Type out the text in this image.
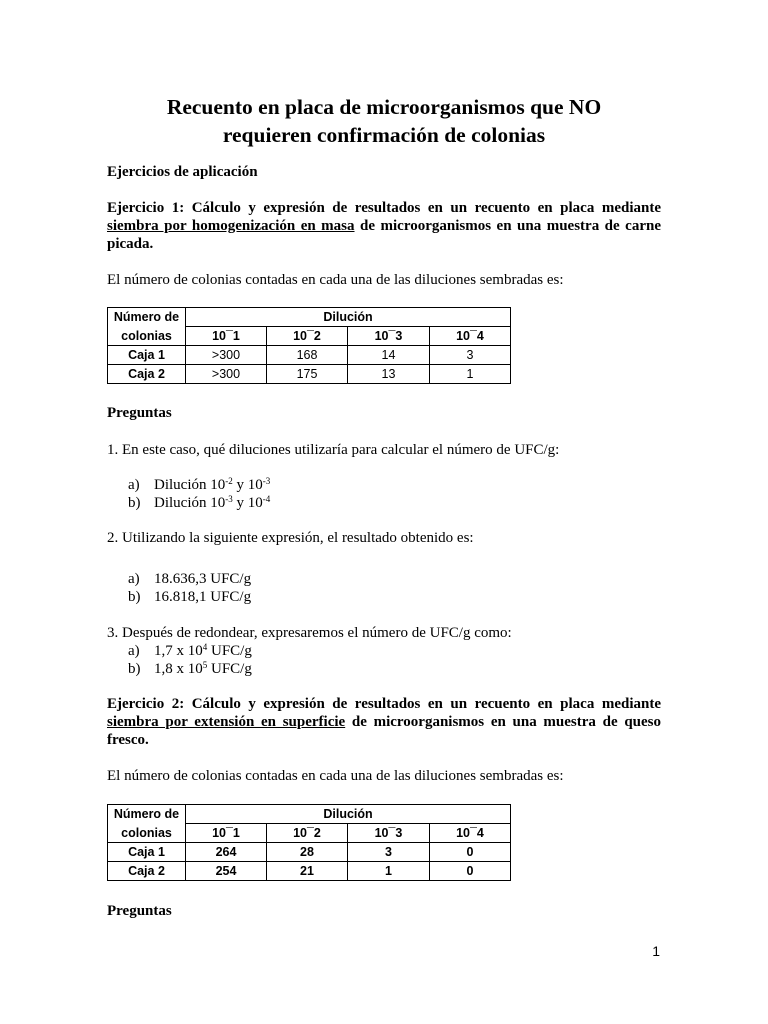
Recuento en placa de microorganismos que NO
requieren confirmación de colonias
Ejercicios de aplicación
Ejercicio 1: Cálculo y expresión de resultados en un recuento en placa mediante siembra por homogenización en masa de microorganismos en una muestra de carne picada.
El número de colonias contadas en cada una de las diluciones sembradas es:
Número de	Dilución			
colonias	10¯1	10¯2	10¯3	10¯4
Caja 1	>300	168	14	3
Caja 2	>300	175	13	1
Preguntas
1. En este caso, qué diluciones utilizaría para calcular el número de UFC/g:
a) Dilución $10^{-2}$ y $10^{-3}$
b) Dilución $10^{-3}$ y $10^{-4}$
2. Utilizando la siguiente expresión, el resultado obtenido es:
a) 18.636,3 UFC/g
b) 16.818,1 UFC/g
3. Después de redondear, expresaremos el número de UFC/g como:
a) 1,7 x $10^4$ UFC/g
b) 1,8 x $10^5$ UFC/g
Ejercicio 2: Cálculo y expresión de resultados en un recuento en placa mediante siembra por extensión en superficie de microorganismos en una muestra de queso fresco.
El número de colonias contadas en cada una de las diluciones sembradas es:
Número de	Dilución			
colonias	10¯1	10¯2	10¯3	10¯4
Caja 1	264	28	3	0
Caja 2	254	21	1	0
Preguntas
1
